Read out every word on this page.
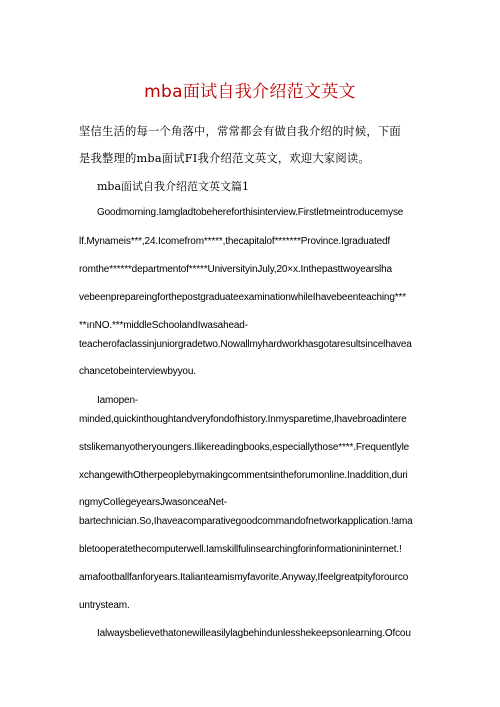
mba面试自我介绍范文英文
坚信生活的每一个角落中，常常都会有做自我介绍的时候，下面
是我整理的mba面试FI我介绍范文英文，欢迎大家阅读。
mba面试自我介绍范文英文篇1
Goodmorning.Iamgladtobehereforthisinterview.Firstletmeintroducemyse
lf.Mynameis***,24.Icomefrom*****,thecapitalof*******Province.Igraduatedf
romthe******departmentof*****UniversityinJuly,20×x.Inthepasttwoyearslha
vebeenprepareingforthepostgraduateexaminationwhileIhavebeenteaching***
**ıгιNO.***middleSchoolandIwasahead-
teacherofaclassinjuniorgradetwo.Nowallmyhardworkhasgotaresultsincelhavea
chancetobeinterviewbyyou.
Iamopen-
minded,quickinthoughtandveryfondofhistory.Inmysparetime,Ihavebroadintere
stslikemanyotheryoungers.Ilikereadingbooks,especiallythose****.Frequentlyle
xchangewithOtherpeoplebymakingcommentsintheforumonline.Inaddition,duri
ngmyCoIlegeyearsJwasonceaNet-
bartechnician.So,Ihaveacomparativegoodcommandofnetworkapplication.!ama
bletooperatethecomputerwell.Iamskillfulinsearchingforinformationininternet.!
amafootballfanforyears.Italianteamismyfavorite.Anyway,Ifeelgreatpityforourco
untrysteam.
Ialwaysbelievethatonewilleasilylagbehindunlesshekeepsonlearning.Ofcou
